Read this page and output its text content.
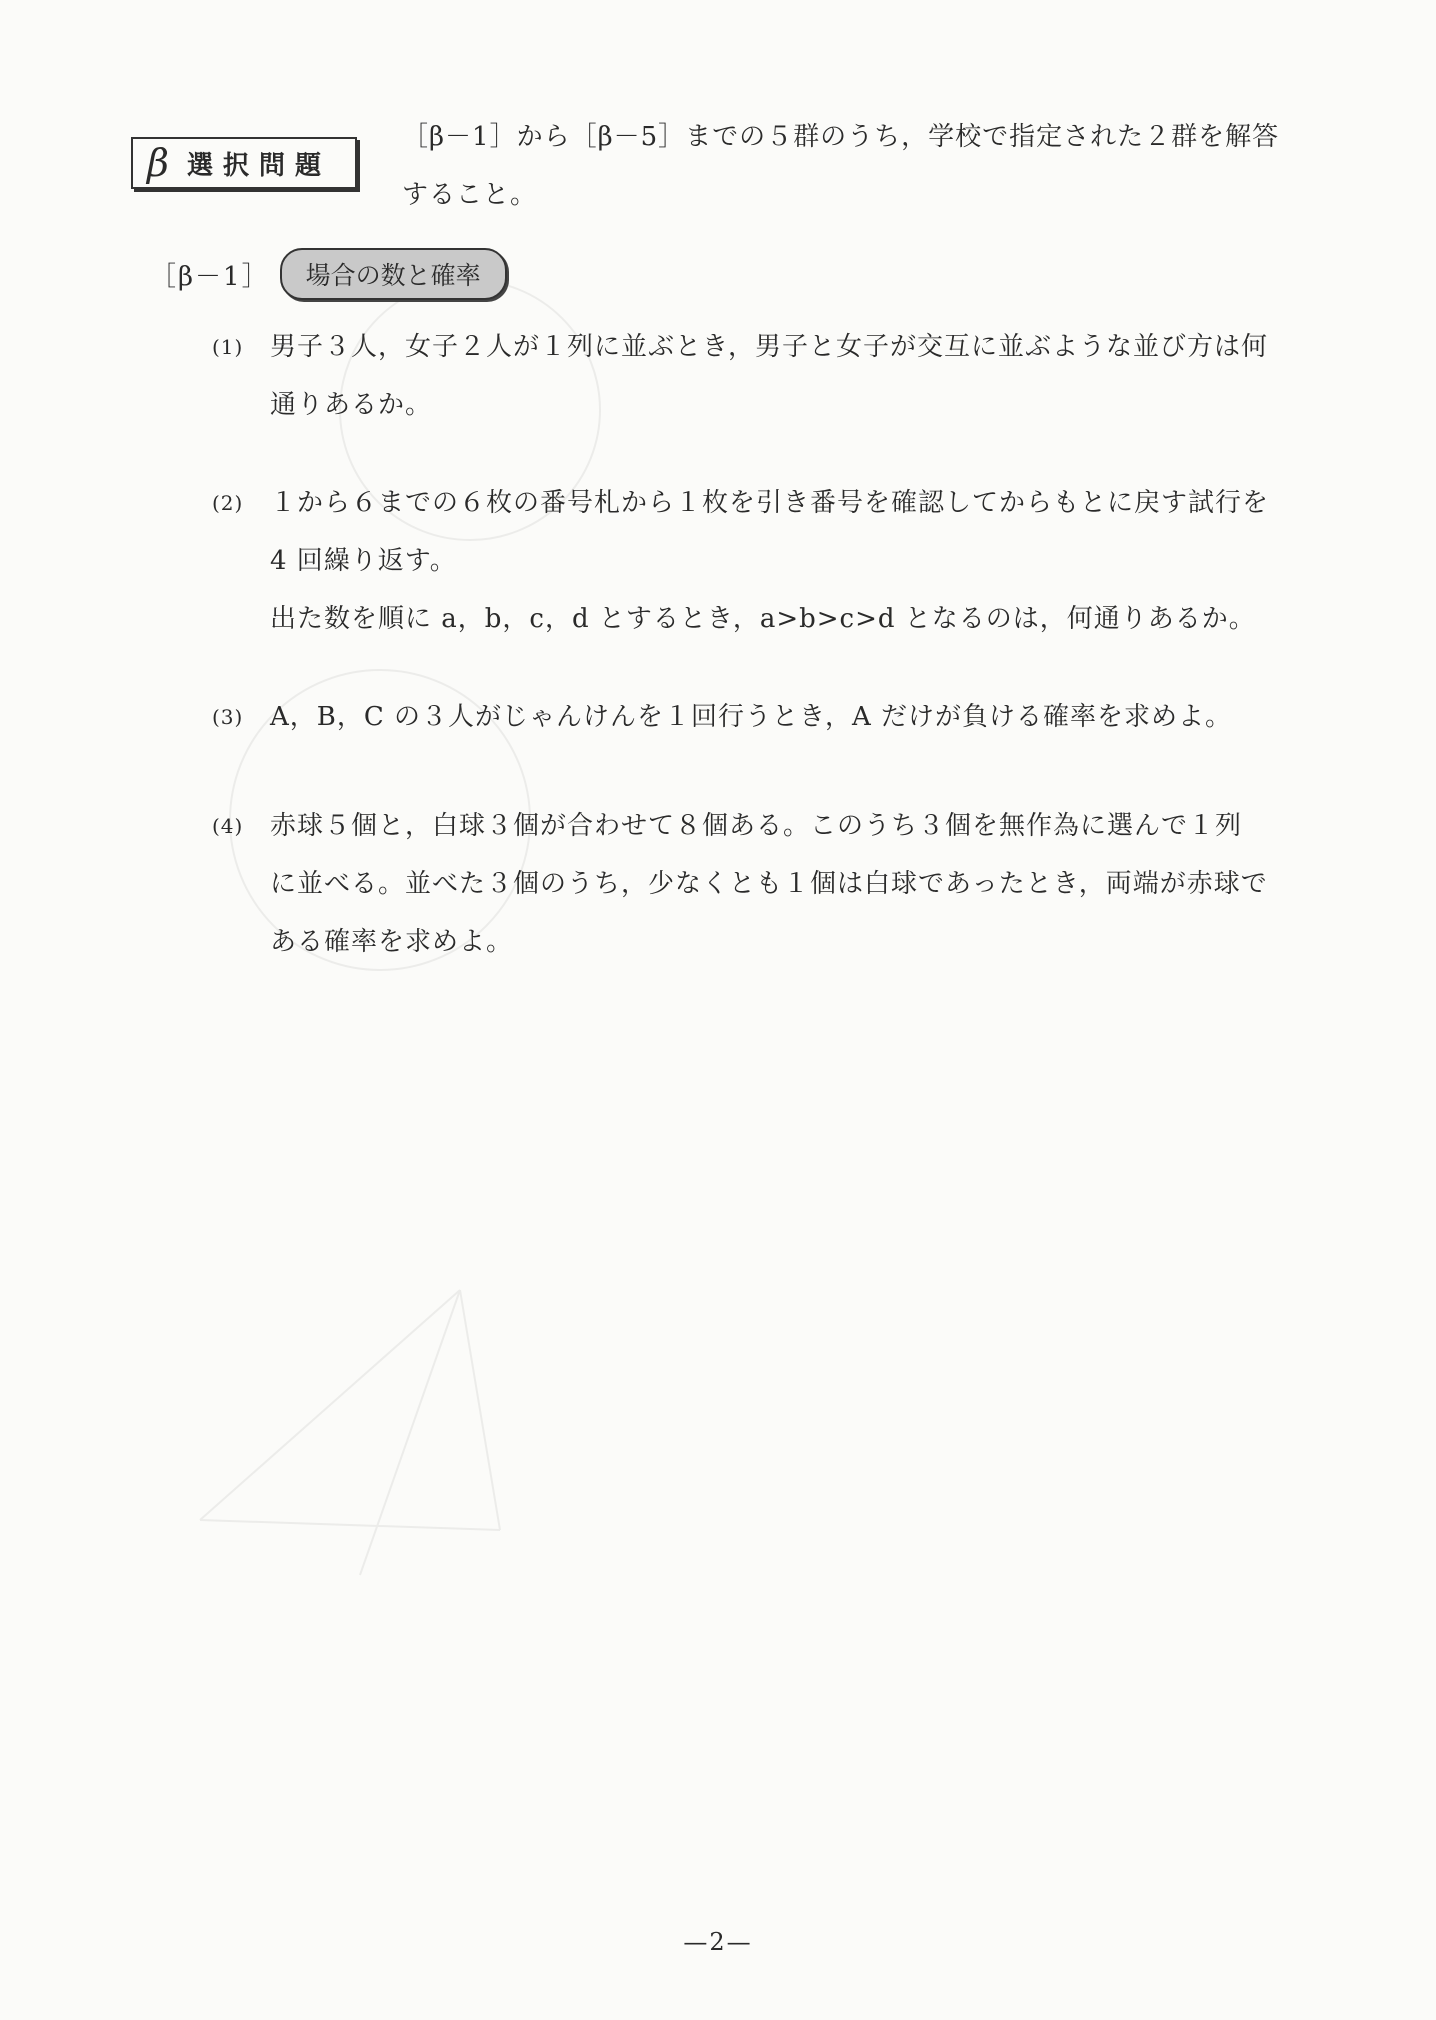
β 選択問題
［β－1］から［β－5］までの５群のうち，学校で指定された２群を解答
すること。
［β－1］	場合の数と確率
(1) 男子３人，女子２人が１列に並ぶとき，男子と女子が交互に並ぶような並び方は何
通りあるか。
(2) １から６までの６枚の番号札から１枚を引き番号を確認してからもとに戻す試行を
4 回繰り返す。
出た数を順に a，b，c，d とするとき，a>b>c>d となるのは，何通りあるか。
(3) A，B，C の３人がじゃんけんを１回行うとき，A だけが負ける確率を求めよ。
(4) 赤球５個と，白球３個が合わせて８個ある。このうち３個を無作為に選んで１列
に並べる。並べた３個のうち，少なくとも１個は白球であったとき，両端が赤球で
ある確率を求めよ。
—2—
